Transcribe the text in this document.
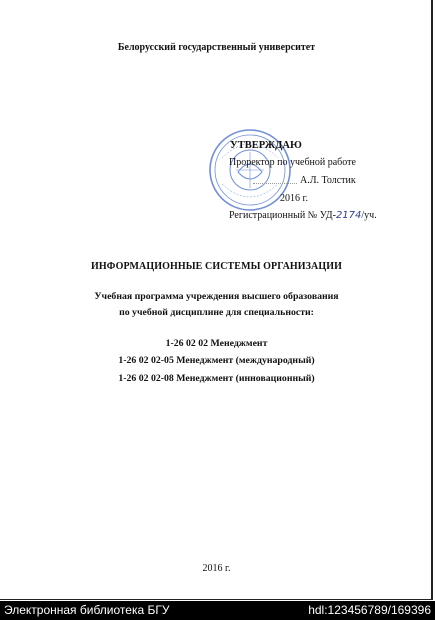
Белорусский государственный университет
УТВЕРЖДАЮ
Проректор по учебной работе
А.Л. Толстик
2016 г.
Регистрационный № УД-2174/уч.
ИНФОРМАЦИОННЫЕ СИСТЕМЫ ОРГАНИЗАЦИИ
Учебная программа учреждения высшего образования
по учебной дисциплине для специальности:
1-26 02 02 Менеджмент
1-26 02 02-05 Менеджмент (международный)
1-26 02 02-08 Менеджмент (инновационный)
2016 г.
Электронная библиотека БГУ	hdl:123456789/169396
